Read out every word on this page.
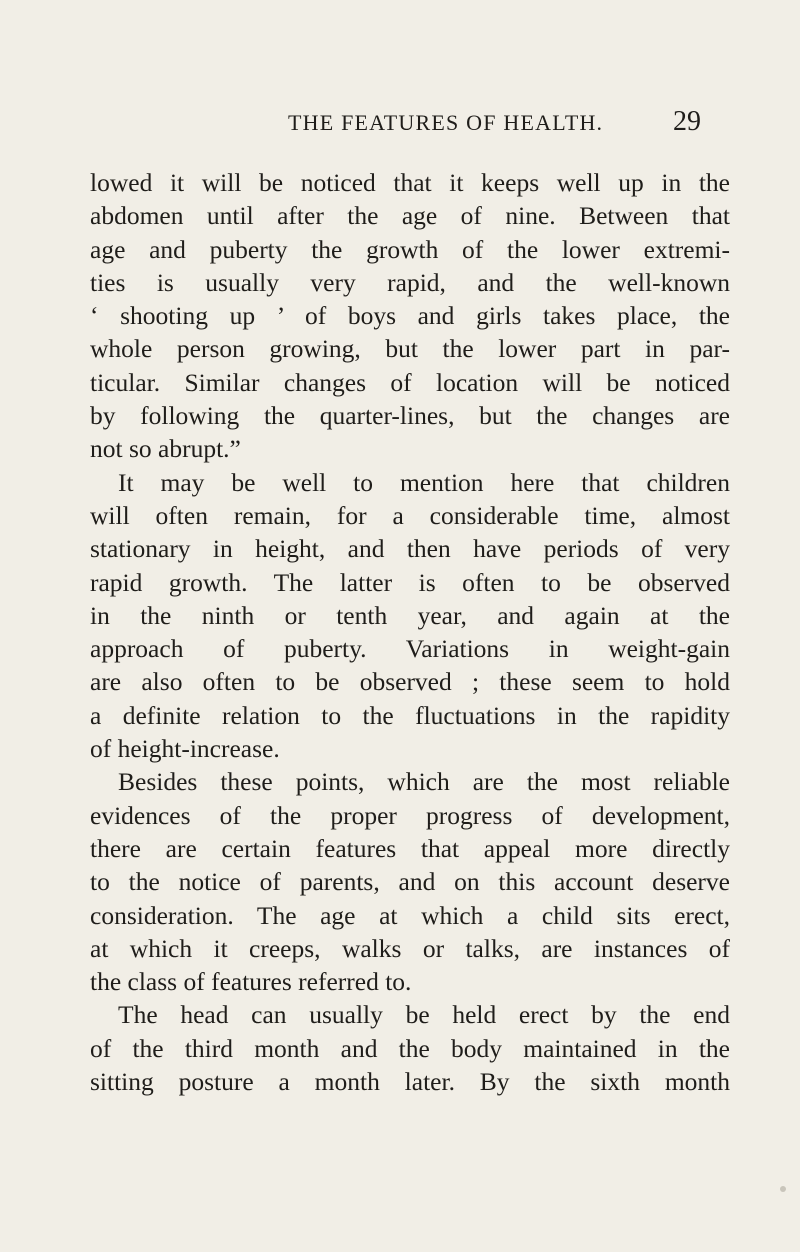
THE FEATURES OF HEALTH. 29
lowed it will be noticed that it keeps well up in the
abdomen until after the age of nine. Between that
age and puberty the growth of the lower extremi-
ties is usually very rapid, and the well-known
‘ shooting up ’ of boys and girls takes place, the
whole person growing, but the lower part in par-
ticular. Similar changes of location will be noticed
by following the quarter-lines, but the changes are
not so abrupt.”
It may be well to mention here that children
will often remain, for a considerable time, almost
stationary in height, and then have periods of very
rapid growth. The latter is often to be observed
in the ninth or tenth year, and again at the
approach of puberty. Variations in weight-gain
are also often to be observed ; these seem to hold
a definite relation to the fluctuations in the rapidity
of height-increase.
Besides these points, which are the most reliable
evidences of the proper progress of development,
there are certain features that appeal more directly
to the notice of parents, and on this account deserve
consideration. The age at which a child sits erect,
at which it creeps, walks or talks, are instances of
the class of features referred to.
The head can usually be held erect by the end
of the third month and the body maintained in the
sitting posture a month later. By the sixth month
